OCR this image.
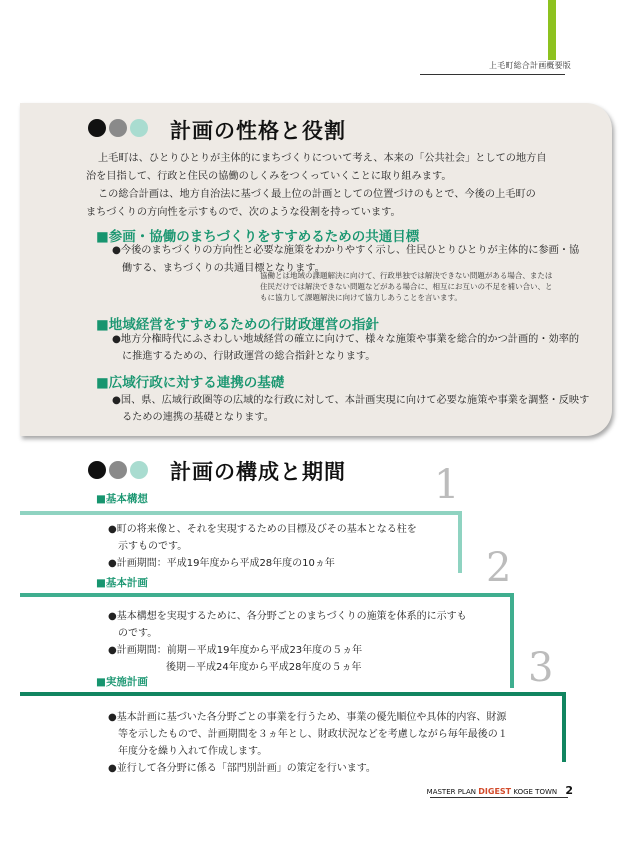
上毛町総合計画概要版
計画の性格と役割
上毛町は、ひとりひとりが主体的にまちづくりについて考え、本来の「公共社会」としての地方自
治を目指して、行政と住民の協働のしくみをつくっていくことに取り組みます。
この総合計画は、地方自治法に基づく最上位の計画としての位置づけのもとで、今後の上毛町の
まちづくりの方向性を示すもので、次のような役割を持っています。
■参画・協働のまちづくりをすすめるための共通目標
●今後のまちづくりの方向性と必要な施策をわかりやすく示し、住民ひとりひとりが主体的に参画・協
働する、まちづくりの共通目標となります。
協働とは地域の課題解決に向けて、行政単独では解決できない問題がある場合、または
住民だけでは解決できない問題などがある場合に、相互にお互いの不足を補い合い、と
もに協力して課題解決に向けて協力しあうことを言います。
■地域経営をすすめるための行財政運営の指針
●地方分権時代にふさわしい地域経営の確立に向けて、様々な施策や事業を総合的かつ計画的・効率的
に推進するための、行財政運営の総合指針となります。
■広域行政に対する連携の基礎
●国、県、広域行政圏等の広域的な行政に対して、本計画実現に向けて必要な施策や事業を調整・反映す
るための連携の基礎となります。
計画の構成と期間
■基本構想	1
●町の将来像と、それを実現するための目標及びその基本となる柱を
示すものです。
●計画期間：平成19年度から平成28年度の10ヵ年
■基本計画	2
●基本構想を実現するために、各分野ごとのまちづくりの施策を体系的に示すも
のです。
●計画期間：前期－平成19年度から平成23年度の５ヵ年
後期－平成24年度から平成28年度の５ヵ年
■実施計画	3
●基本計画に基づいた各分野ごとの事業を行うため、事業の優先順位や具体的内容、財源
等を示したもので、計画期間を３ヵ年とし、財政状況などを考慮しながら毎年最後の１
年度分を繰り入れて作成します。
●並行して各分野に係る「部門別計画」の策定を行います。
MASTER PLAN DIGEST KOGE TOWN 2
